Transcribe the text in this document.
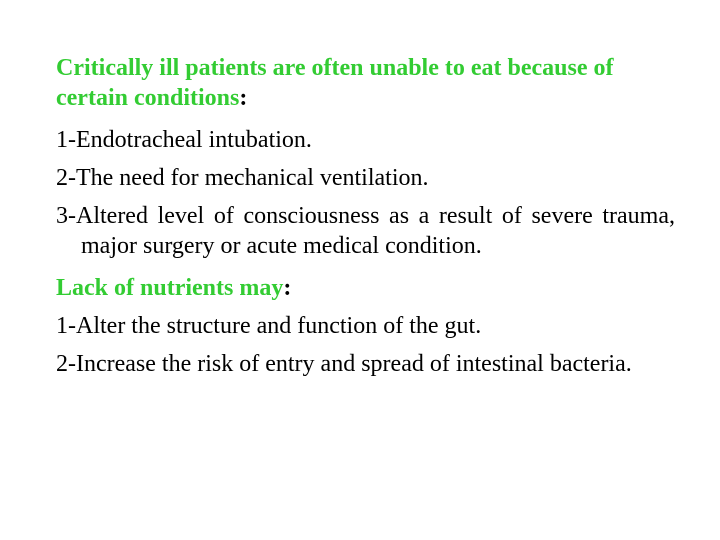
Critically ill patients are often unable to eat because of certain conditions:
1-Endotracheal intubation.
2-The need for mechanical ventilation.
3-Altered level of consciousness as a result of severe trauma, major surgery or acute medical condition.
Lack of nutrients may:
1-Alter the structure and function of the gut.
2-Increase the risk of entry and spread of intestinal bacteria.
